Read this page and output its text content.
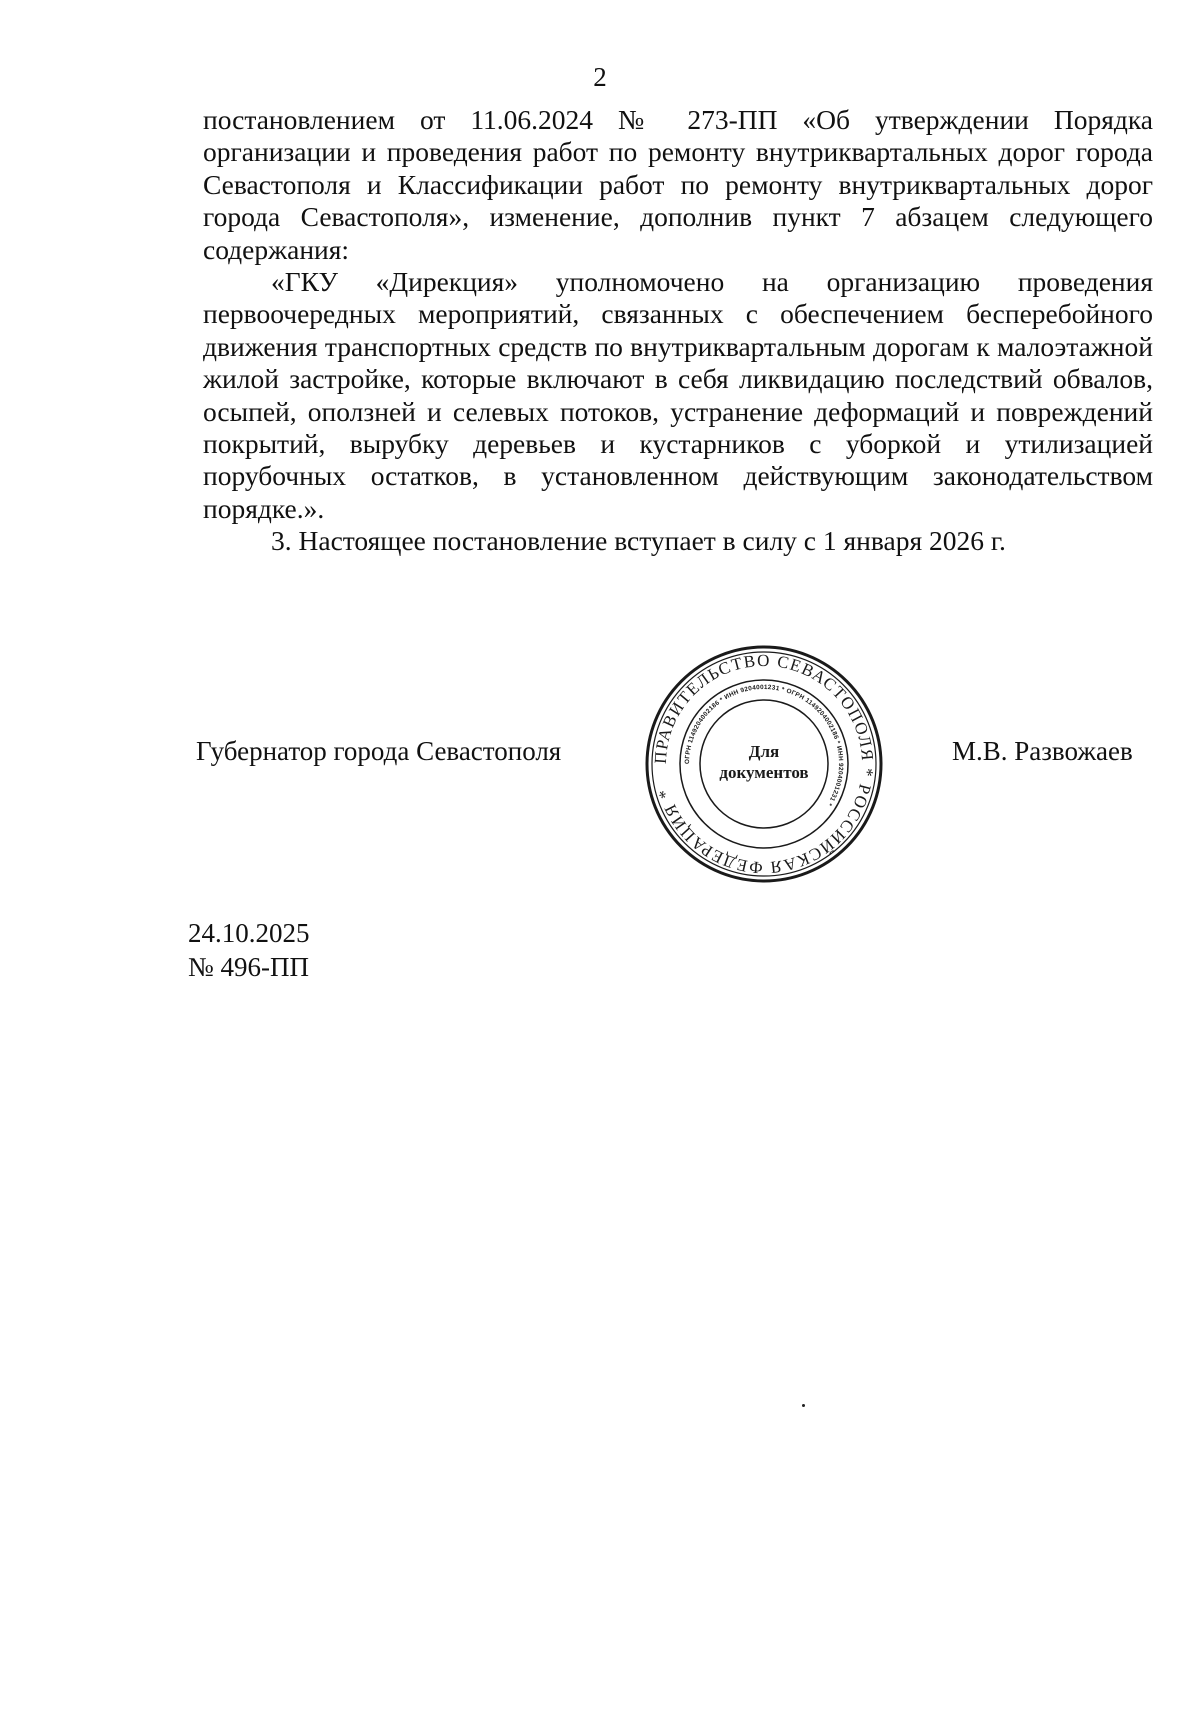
2

постановлением от 11.06.2024 № 273-ПП «Об утверждении Порядка организации и проведения работ по ремонту внутриквартальных дорог города Севастополя и Классификации работ по ремонту внутриквартальных дорог города Севастополя», изменение, дополнив пункт 7 абзацем следующего содержания:

«ГКУ «Дирекция» уполномочено на организацию проведения первоочередных мероприятий, связанных с обеспечением бесперебойного движения транспортных средств по внутриквартальным дорогам к малоэтажной жилой застройке, которые включают в себя ликвидацию последствий обвалов, осыпей, оползней и селевых потоков, устранение деформаций и повреждений покрытий, вырубку деревьев и кустарников с уборкой и утилизацией порубочных остатков, в установленном действующим законодательством порядке.».

3. Настоящее постановление вступает в силу с 1 января 2026 г.

Губернатор города Севастополя	М.В. Развожаев
ПРАВИТЕЛЬСТВО СЕВАСТОПОЛЯ * РОССИЙСКАЯ ФЕДЕРАЦИЯ *
ОГРН 1149204002186 * ИНН 9204001231 * ОГРН 1149204002186 * ИНН 9204001231 *
Для
документов
24.10.2025
№ 496-ПП
